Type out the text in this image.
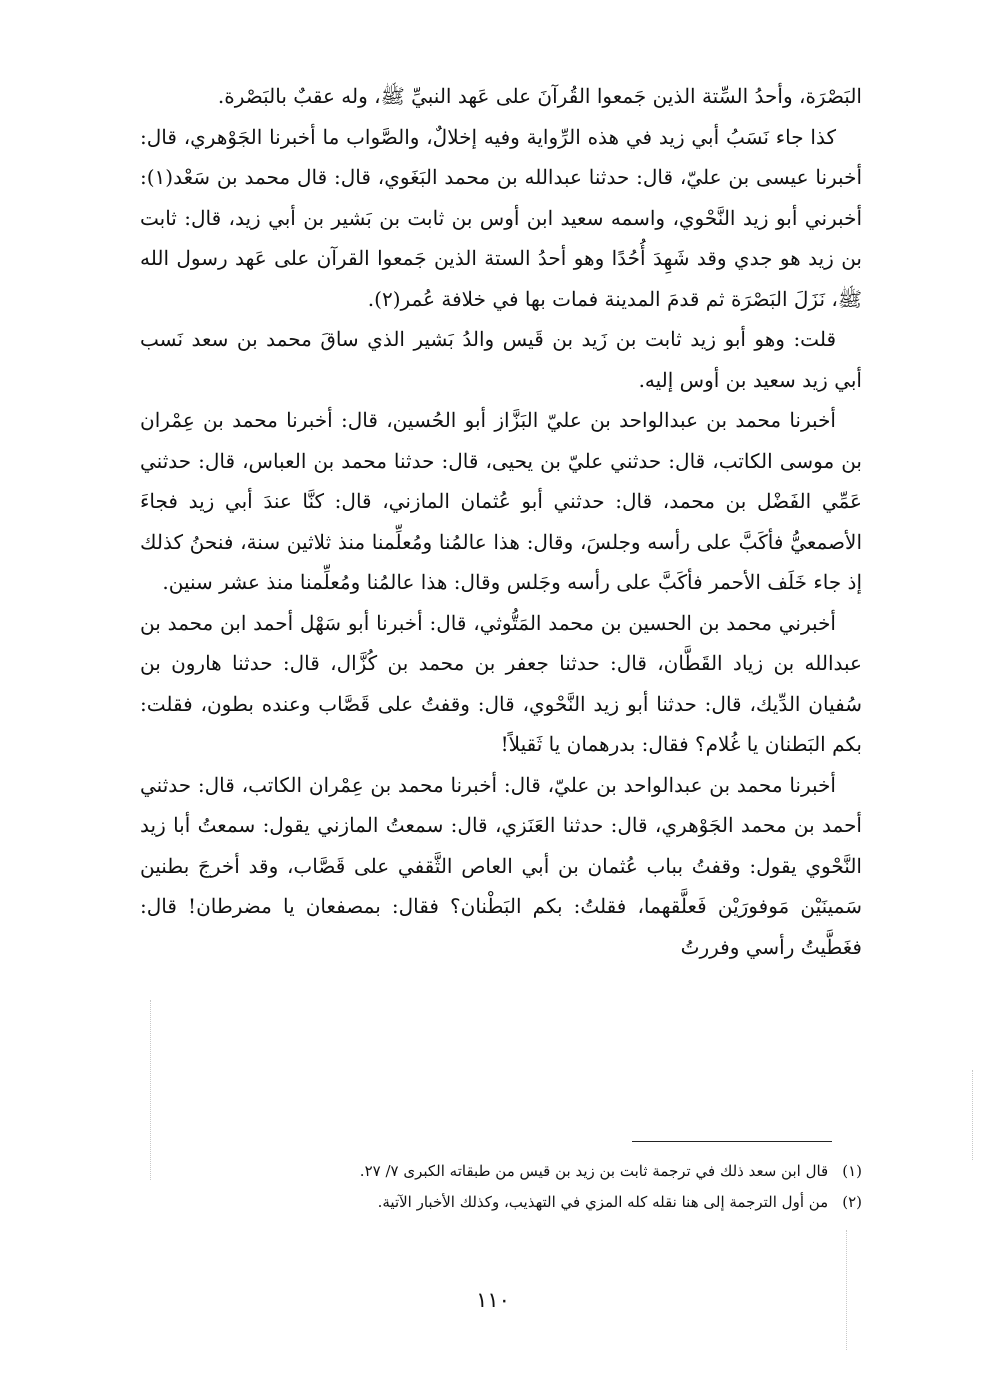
البَصْرَة، وأحدُ السِّتة الذين جَمعوا القُرآنَ على عَهد النبيِّ ﷺ، وله عقبٌ بالبَصْرة.

كذا جاء نَسَبُ أبي زيد في هذه الرِّواية وفيه إخلالٌ، والصَّواب ما أخبرنا الجَوْهري، قال: أخبرنا عيسى بن عليّ، قال: حدثنا عبدالله بن محمد البَغَوي، قال: قال محمد بن سَعْد(١): أخبرني أبو زيد النَّحْوي، واسمه سعيد ابن أوس بن ثابت بن بَشير بن أبي زيد، قال: ثابت بن زيد هو جدي وقد شَهِدَ أُحُدًا وهو أحدُ الستة الذين جَمعوا القرآن على عَهد رسول الله ﷺ، نَزَلَ البَصْرَة ثم قدمَ المدينة فمات بها في خلافة عُمر(٢).

قلت: وهو أبو زيد ثابت بن زَيد بن قَيس والدُ بَشير الذي ساقَ محمد بن سعد نَسب أبي زيد سعيد بن أوس إليه.

أخبرنا محمد بن عبدالواحد بن عليّ البَزَّاز أبو الحُسين، قال: أخبرنا محمد بن عِمْران بن موسى الكاتب، قال: حدثني عليّ بن يحيى، قال: حدثنا محمد بن العباس، قال: حدثني عَمِّي الفَضْل بن محمد، قال: حدثني أبو عُثمان المازني، قال: كنَّا عندَ أبي زيد فجاءَ الأصمعيُّ فأكَبَّ على رأسه وجلسَ، وقال: هذا عالمُنا ومُعلِّمنا منذ ثلاثين سنة، فنحنُ كذلك إذ جاء خَلَف الأحمر فأكَبَّ على رأسه وجَلس وقال: هذا عالمُنا ومُعلِّمنا منذ عشر سنين.

أخبرني محمد بن الحسين بن محمد المَتُّوثي، قال: أخبرنا أبو سَهْل أحمد ابن محمد بن عبدالله بن زياد القَطَّان، قال: حدثنا جعفر بن محمد بن كُزَّال، قال: حدثنا هارون بن سُفيان الدِّيك، قال: حدثنا أبو زيد النَّحْوي، قال: وقفتُ على قَصَّاب وعنده بطون، فقلت: بكم البَطنان يا غُلام؟ فقال: بدرهمان يا ثَقيلاً!

أخبرنا محمد بن عبدالواحد بن عليّ، قال: أخبرنا محمد بن عِمْران الكاتب، قال: حدثني أحمد بن محمد الجَوْهري، قال: حدثنا العَنَزي، قال: سمعتُ المازني يقول: سمعتُ أبا زيد النَّحْوي يقول: وقفتُ بباب عُثمان بن أبي العاص الثَّقفي على قَصَّاب، وقد أخرجَ بطنين سَمينَيْن مَوفورَيْن فَعلَّقهما، فقلتُ: بكم البَطْنان؟ فقال: بمصفعان يا مضرطان! قال: فغَطَّيتُ رأسي وفررتُ

(١)قال ابن سعد ذلك في ترجمة ثابت بن زيد بن قيس من طبقاته الكبرى ٧/ ٢٧.
(٢)من أول الترجمة إلى هنا نقله كله المزي في التهذيب، وكذلك الأخبار الآتية.
١١٠
